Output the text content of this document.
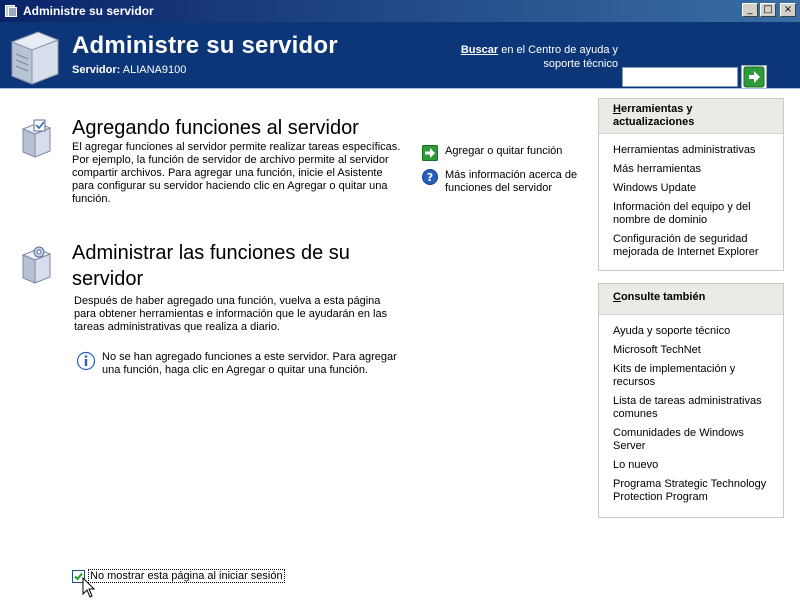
Administre su servidor	_	□	×
Administre su servidor
Servidor: ALIANA9100
Buscar en el Centro de ayuda y
soporte técnico
Agregando funciones al servidor
El agregar funciones al servidor permite realizar tareas específicas. Por ejemplo, la función de servidor de archivo permite al servidor compartir archivos. Para agregar una función, inicie el Asistente para configurar su servidor haciendo clic en Agregar o quitar una función.
Agregar o quitar función
? Más información acerca de funciones del servidor
Administrar las funciones de su servidor
Después de haber agregado una función, vuelva a esta página para obtener herramientas e información que le ayudarán en las tareas administrativas que realiza a diario.
No se han agregado funciones a este servidor. Para agregar una función, haga clic en Agregar o quitar una función.
Herramientas y actualizaciones
Herramientas administrativas
Más herramientas
Windows Update
Información del equipo y del nombre de dominio
Configuración de seguridad mejorada de Internet Explorer
Consulte también
Ayuda y soporte técnico
Microsoft TechNet
Kits de implementación y recursos
Lista de tareas administrativas comunes
Comunidades de Windows Server
Lo nuevo
Programa Strategic Technology Protection Program
No mostrar esta página al iniciar sesión
